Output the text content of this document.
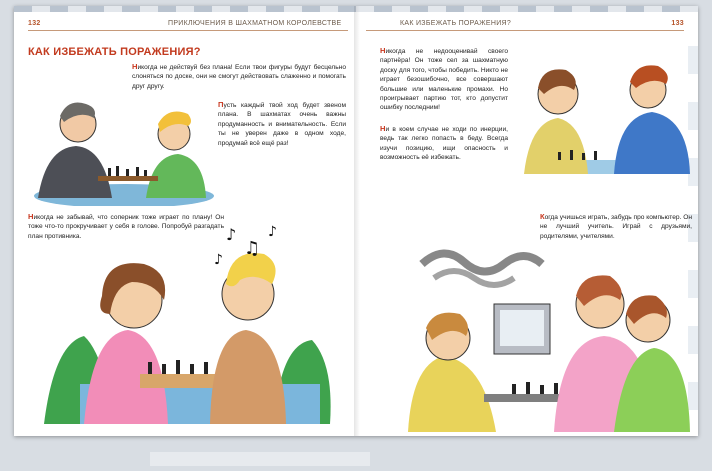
132	ПРИКЛЮЧЕНИЯ В ШАХМАТНОМ КОРОЛЕВСТВЕ	КАК ИЗБЕЖАТЬ ПОРАЖЕНИЯ?	133
КАК ИЗБЕЖАТЬ ПОРАЖЕНИЯ?

Никогда не действуй без плана! Если твои фигуры будут бесцельно слоняться по доске, они не смогут действовать слаженно и помогать друг другу.

Пусть каждый твой ход будет звеном плана. В шахматах очень важны продуманность и внимательность. Если ты не уверен даже в одном ходе, продумай всё ещё раз!

Никогда не забывай, что соперник тоже играет по плану! Он тоже что-то прокручивает у себя в голове. Попробуй разгадать план противника.	♪
♫
♪
♪

Никогда не недооценивай своего партнёра! Он тоже сел за шахматную доску для того, чтобы победить. Никто не играет безошибочно, все совершают большие или маленькие промахи. Но проигрывает партию тот, кто допустит ошибку последним!

Ни в коем случае не ходи по инерции, ведь так легко попасть в беду. Всегда изучи позицию, ищи опасность и возможность её избежать.

Когда учишься играть, забудь про компьютер. Он не лучший учитель. Играй с друзьями, родителями, учителями.
